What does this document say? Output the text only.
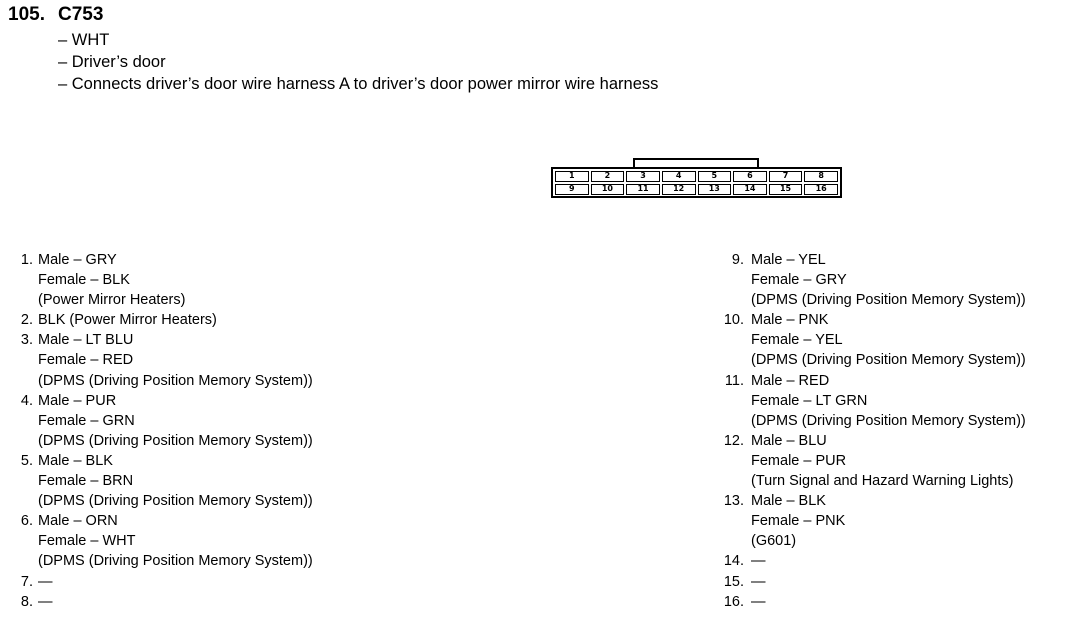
105. C753
– WHT
– Driver’s door
– Connects driver’s door wire harness A to driver’s door power mirror wire harness
1	2	3	4	5	6	7	8
9	10	11	12	13	14	15	16
1. Male – GRY
Female – BLK
(Power Mirror Heaters)
2. BLK (Power Mirror Heaters)
3. Male – LT BLU
Female – RED
(DPMS (Driving Position Memory System))
4. Male – PUR
Female – GRN
(DPMS (Driving Position Memory System))
5. Male – BLK
Female – BRN
(DPMS (Driving Position Memory System))
6. Male – ORN
Female – WHT
(DPMS (Driving Position Memory System))
7. —
8. —
9. Male – YEL
Female – GRY
(DPMS (Driving Position Memory System))
10. Male – PNK
Female – YEL
(DPMS (Driving Position Memory System))
11. Male – RED
Female – LT GRN
(DPMS (Driving Position Memory System))
12. Male – BLU
Female – PUR
(Turn Signal and Hazard Warning Lights)
13. Male – BLK
Female – PNK
(G601)
14. —
15. —
16. —
